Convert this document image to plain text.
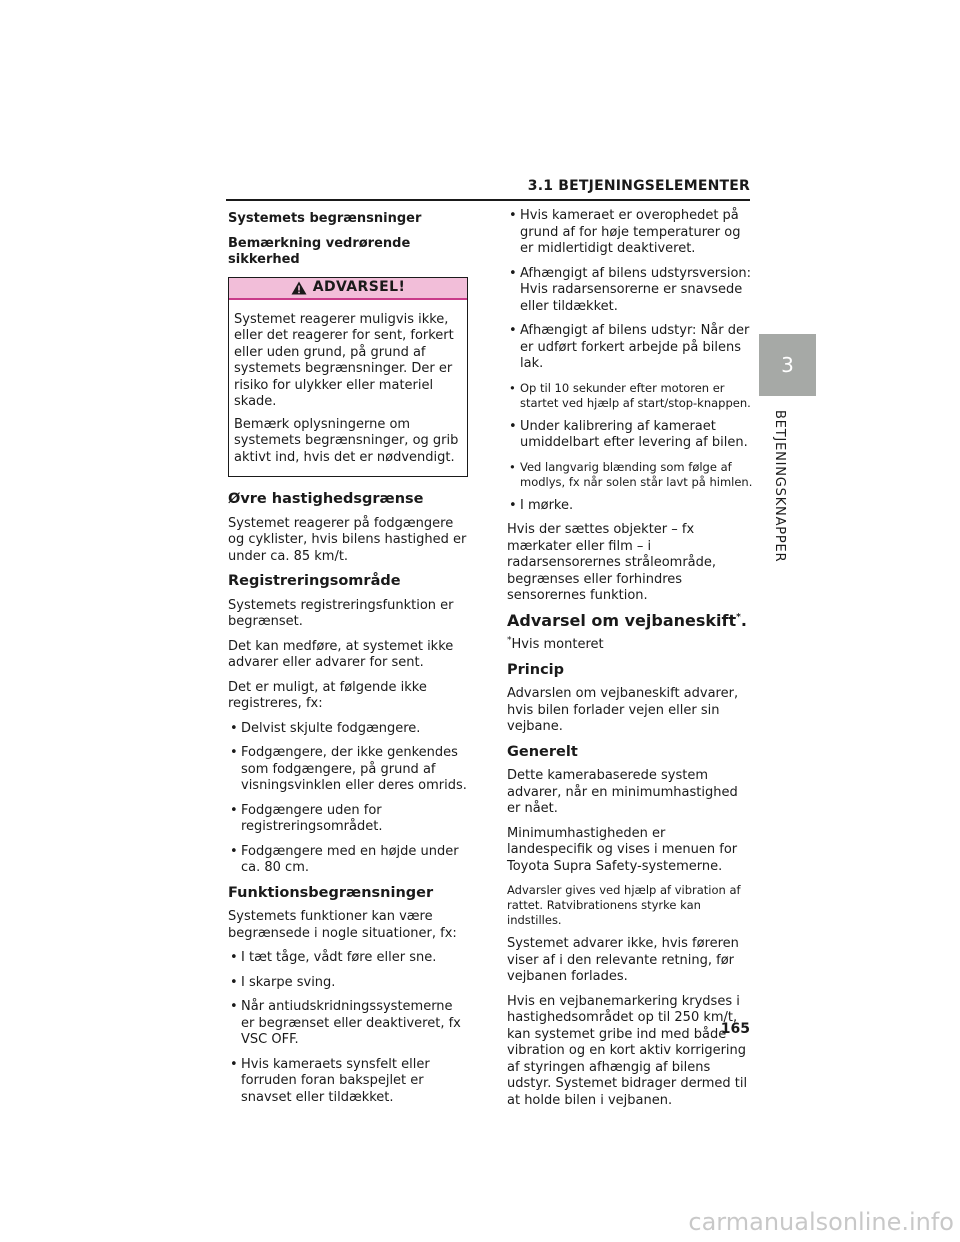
3.1 BETJENINGSELEMENTER
3
BETJENINGSKNAPPER
Systemets begrænsninger
Bemærkning vedrørende sikkerhed
ADVARSEL!

Systemet reagerer muligvis ikke, eller det reagerer for sent, forkert eller uden grund, på grund af systemets begrænsninger. Der er risiko for ulykker eller materiel skade.

Bemærk oplysningerne om systemets begrænsninger, og grib aktivt ind, hvis det er nødvendigt.

Øvre hastighedsgrænse

Systemet reagerer på fodgængere og cyklister, hvis bilens hastighed er under ca. 85 km/t.

Registreringsområde

Systemets registreringsfunktion er begrænset.

Det kan medføre, at systemet ikke advarer eller advarer for sent.

Det er muligt, at følgende ikke registreres, fx:

• Delvist skjulte fodgængere.
• Fodgængere, der ikke genkendes som fodgængere, på grund af visningsvinklen eller deres omrids.
• Fodgængere uden for registreringsområdet.
• Fodgængere med en højde under ca. 80 cm.
Funktionsbegrænsninger

Systemets funktioner kan være begrænsede i nogle situationer, fx:

• I tæt tåge, vådt føre eller sne.
• I skarpe sving.
• Når antiudskridningssystemerne er begrænset eller deaktiveret, fx VSC OFF.
• Hvis kameraets synsfelt eller forruden foran bakspejlet er snavset eller tildækket.
• Hvis kameraet er overophedet på grund af for høje temperaturer og er midlertidigt deaktiveret.
• Afhængigt af bilens udstyrsversion: Hvis radarsensorerne er snavsede eller tildækket.
• Afhængigt af bilens udstyr: Når der er udført forkert arbejde på bilens lak.
• Op til 10 sekunder efter motoren er startet ved hjælp af start/stop-knappen.
• Under kalibrering af kameraet umiddelbart efter levering af bilen.
• Ved langvarig blænding som følge af modlys, fx når solen står lavt på himlen.
• I mørke.

Hvis der sættes objekter – fx mærkater eller film – i radarsensorernes stråleområde, begrænses eller forhindres sensorernes funktion.

Advarsel om vejbaneskift*.

*Hvis monteret

Princip

Advarslen om vejbaneskift advarer, hvis bilen forlader vejen eller sin vejbane.

Generelt

Dette kamerabaserede system advarer, når en minimumhastighed er nået.

Minimumhastigheden er landespecifik og vises i menuen for Toyota Supra Safety-systemerne.

Advarsler gives ved hjælp af vibration af rattet. Ratvibrationens styrke kan indstilles.

Systemet advarer ikke, hvis føreren viser af i den relevante retning, før vejbanen forlades.

Hvis en vejbanemarkering krydses i hastighedsområdet op til 250 km/t, kan systemet gribe ind med både vibration og en kort aktiv korrigering af styringen afhængig af bilens udstyr. Systemet bidrager dermed til at holde bilen i vejbanen.

165
carmanualsonline.info
